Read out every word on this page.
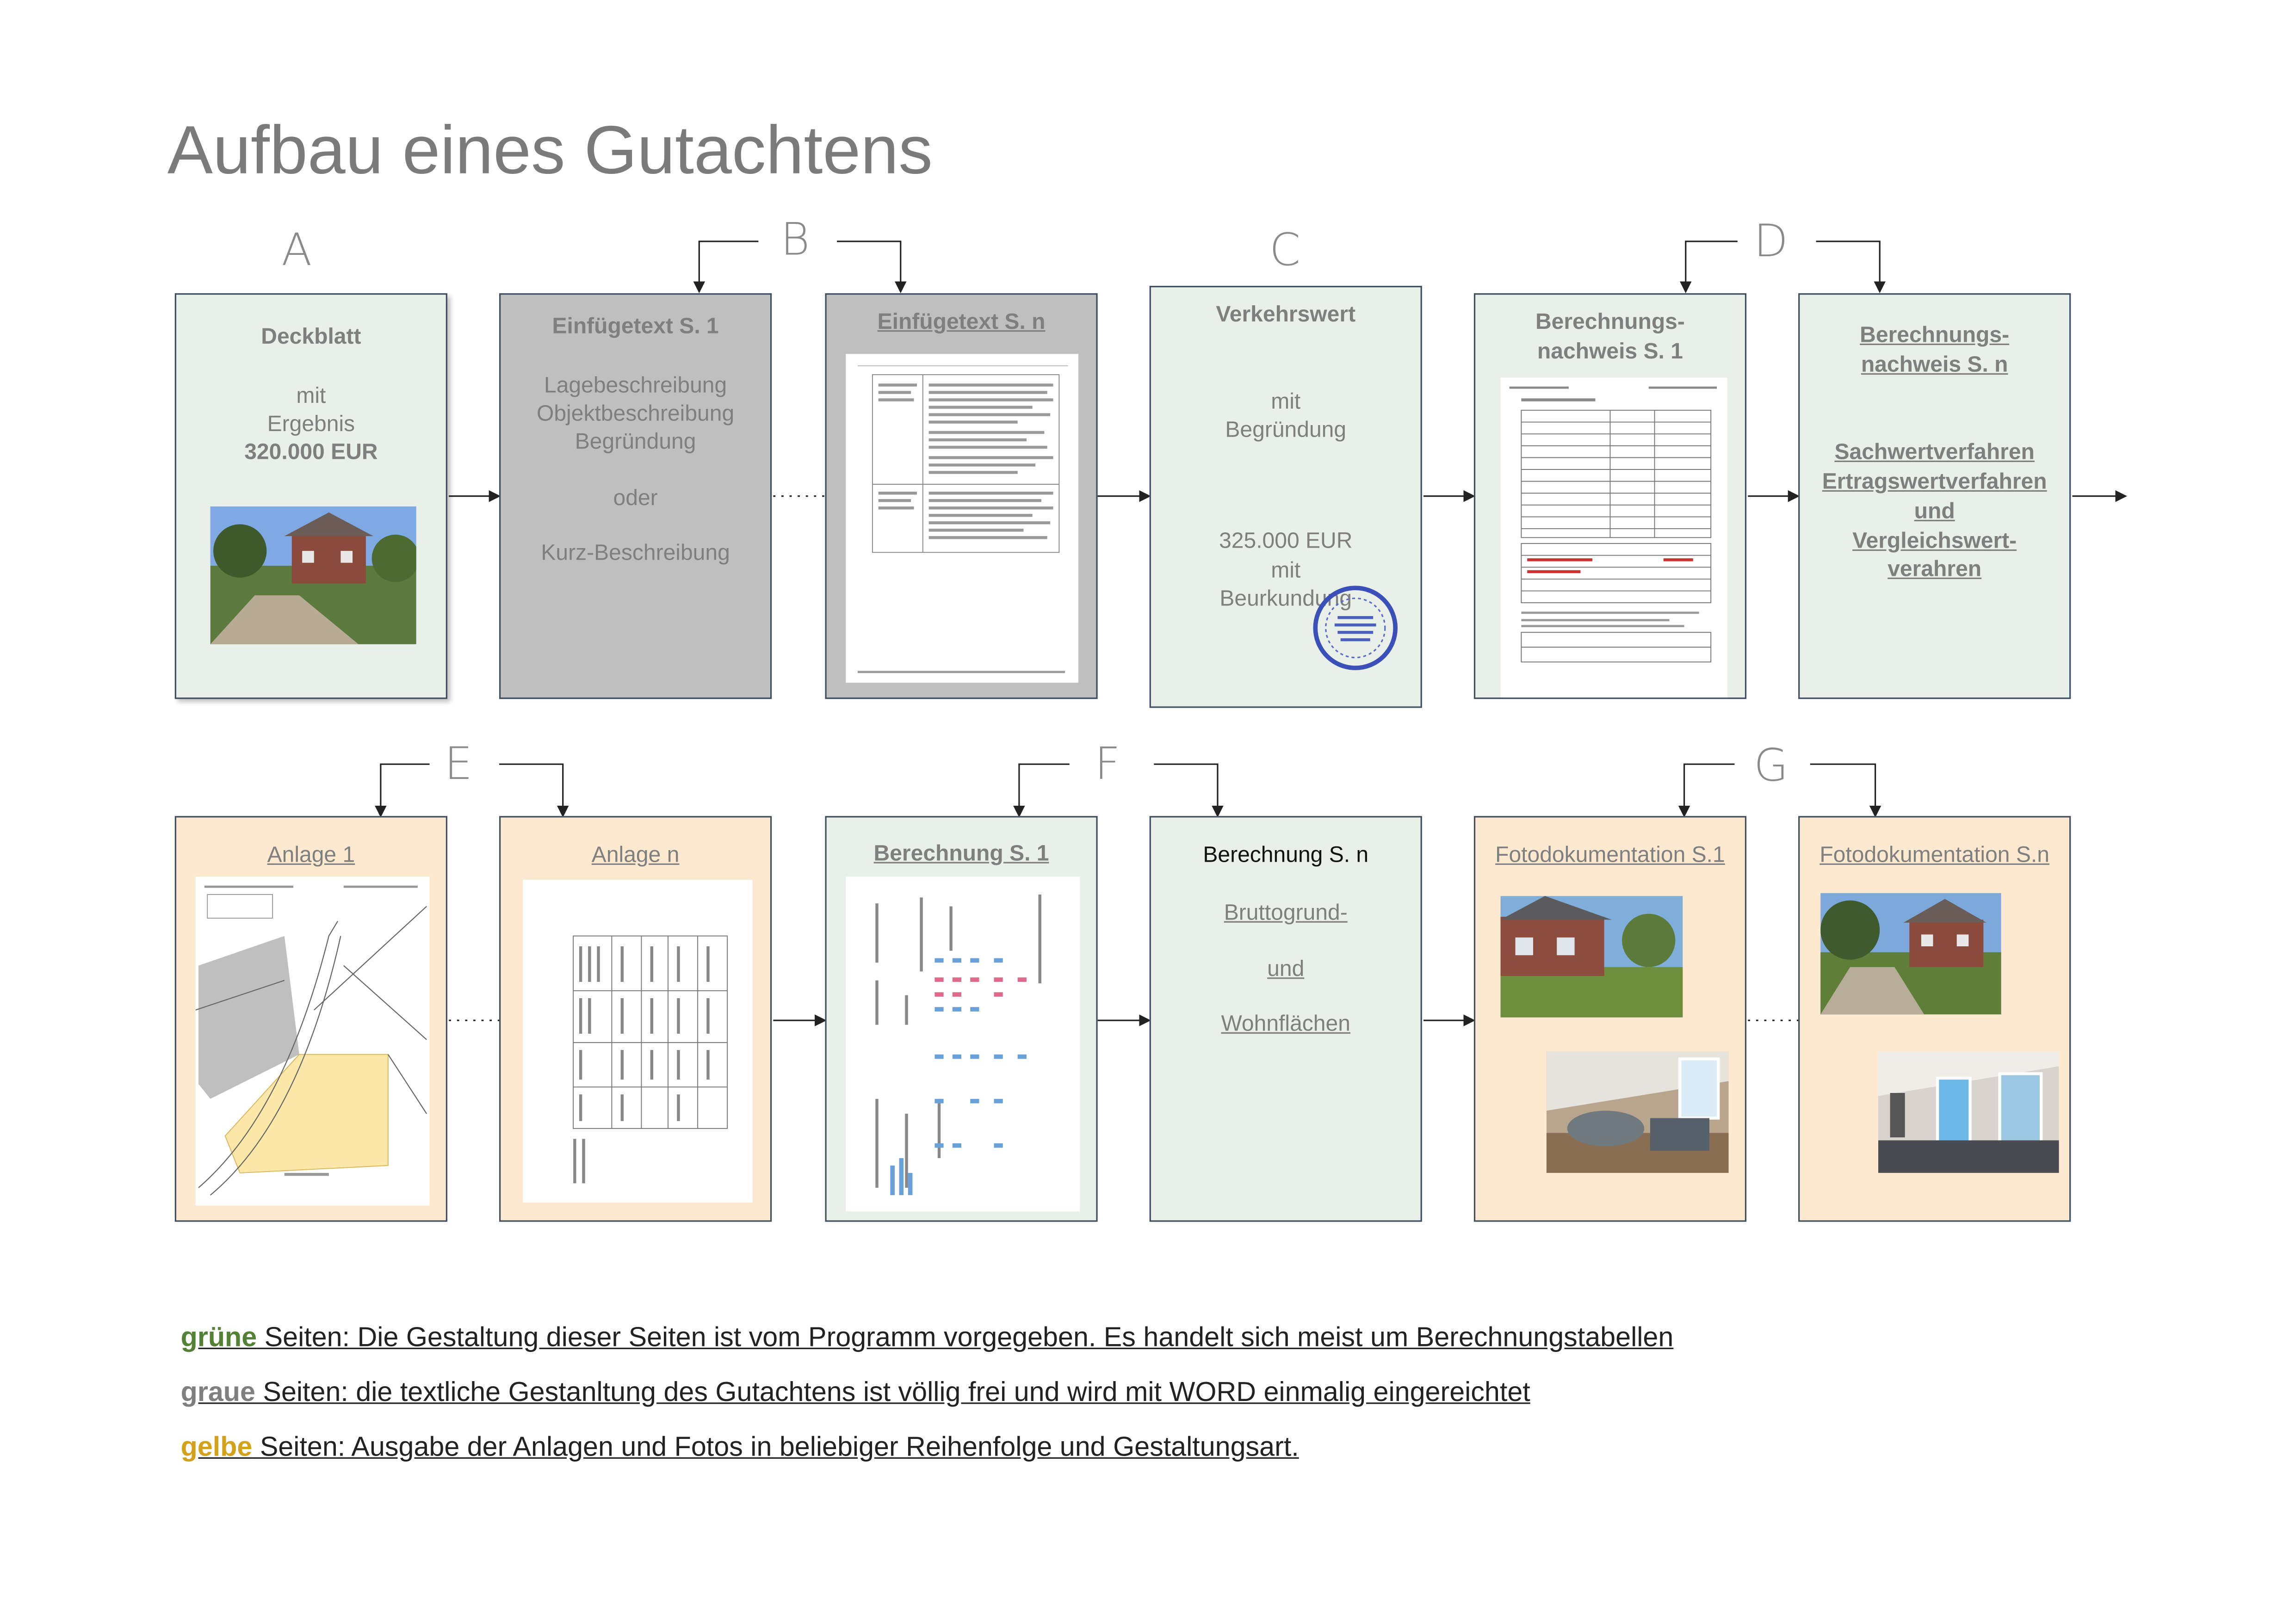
Aufbau eines Gutachtens
A	B	C	D
E	F	G
Deckblatt
mit
Ergebnis
320.000 EUR
Einfügetext S. 1
Lagebeschreibung
Objektbeschreibung
Begründung
oder
Kurz-Beschreibung
Einfügetext S. n	Verkehrswert
mit
Begründung
325.000 EUR
mit
Beurkundung
Berechnungs-
nachweis S. 1
Berechnungs-
nachweis S. n
Sachwertverfahren
Ertragswertverfahren
und
Vergleichswert-
verahren
Anlage 1	Anlage n	Berechnung S. 1	Berechnung S. n
Bruttogrund-
und
Wohnflächen
Fotodokumentation S.1	Fotodokumentation S.n
grüne Seiten: Die Gestaltung dieser Seiten ist vom Programm vorgegeben. Es handelt sich meist um Berechnungstabellen
graue Seiten: die textliche Gestanltung des Gutachtens ist völlig frei und wird mit WORD einmalig eingereichtet
gelbe Seiten: Ausgabe der Anlagen und Fotos in beliebiger Reihenfolge und Gestaltungsart.
